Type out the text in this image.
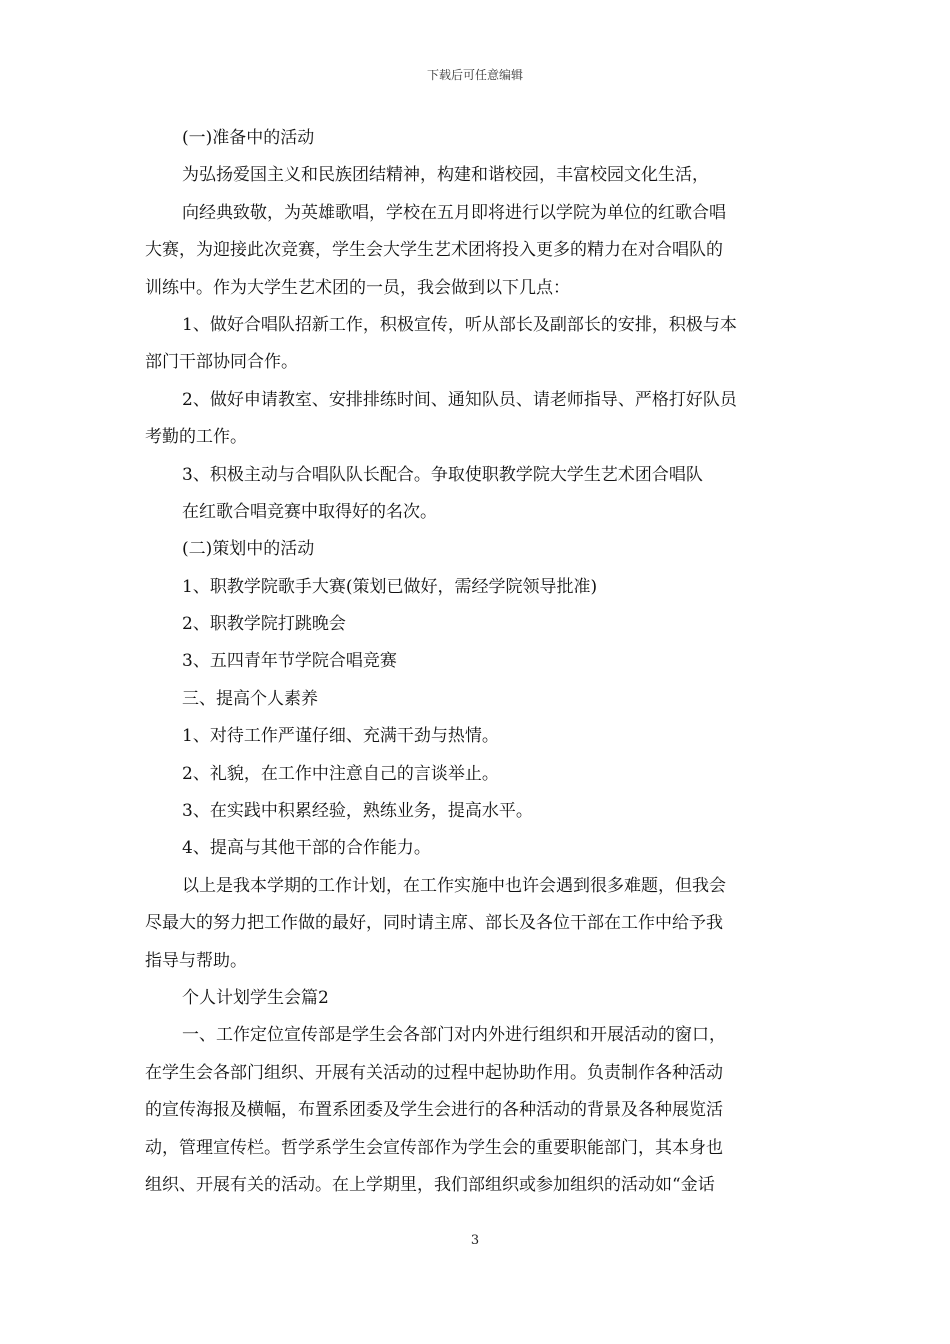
下载后可任意编辑
(一)准备中的活动
为弘扬爱国主义和民族团结精神，构建和谐校园，丰富校园文化生活，
向经典致敬，为英雄歌唱，学校在五月即将进行以学院为单位的红歌合唱
大赛，为迎接此次竞赛，学生会大学生艺术团将投入更多的精力在对合唱队的
训练中。作为大学生艺术团的一员，我会做到以下几点：
1、做好合唱队招新工作，积极宣传，听从部长及副部长的安排，积极与本
部门干部协同合作。
2、做好申请教室、安排排练时间、通知队员、请老师指导、严格打好队员
考勤的工作。
3、积极主动与合唱队队长配合。争取使职教学院大学生艺术团合唱队
在红歌合唱竞赛中取得好的名次。
(二)策划中的活动
1、职教学院歌手大赛(策划已做好，需经学院领导批准)
2、职教学院打跳晚会
3、五四青年节学院合唱竞赛
三、提高个人素养
1、对待工作严谨仔细、充满干劲与热情。
2、礼貌，在工作中注意自己的言谈举止。
3、在实践中积累经验，熟练业务，提高水平。
4、提高与其他干部的合作能力。
以上是我本学期的工作计划，在工作实施中也许会遇到很多难题，但我会
尽最大的努力把工作做的最好，同时请主席、部长及各位干部在工作中给予我
指导与帮助。
个人计划学生会篇2
一、工作定位宣传部是学生会各部门对内外进行组织和开展活动的窗口，
在学生会各部门组织、开展有关活动的过程中起协助作用。负责制作各种活动
的宣传海报及横幅，布置系团委及学生会进行的各种活动的背景及各种展览活
动，管理宣传栏。哲学系学生会宣传部作为学生会的重要职能部门，其本身也
组织、开展有关的活动。在上学期里，我们部组织或参加组织的活动如“金话
3
